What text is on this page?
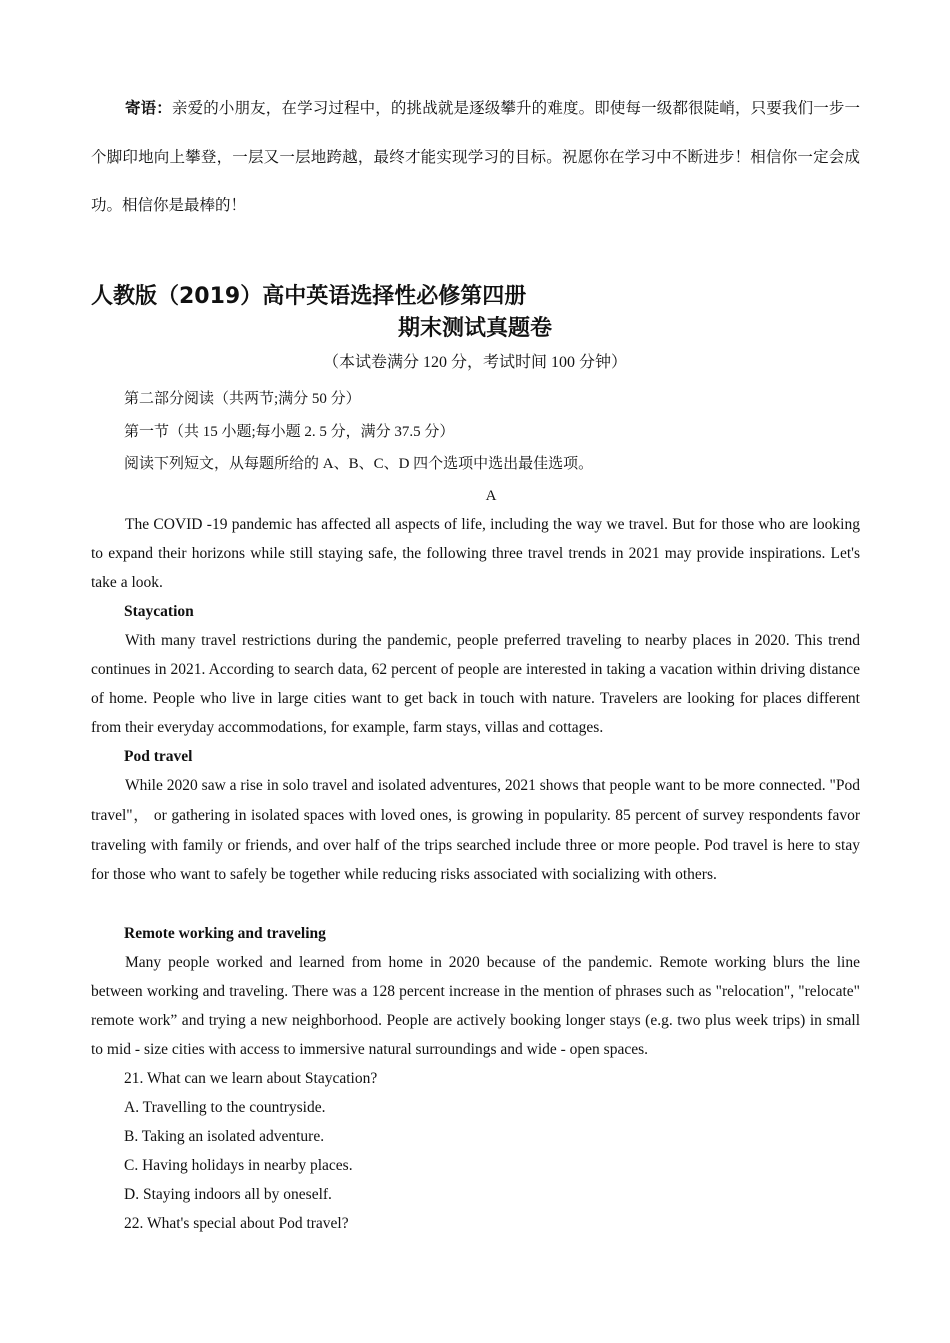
寄语：亲爱的小朋友，在学习过程中，的挑战就是逐级攀升的难度。即使每一级都很陡峭，只要我们一步一个脚印地向上攀登，一层又一层地跨越，最终才能实现学习的目标。祝愿你在学习中不断进步！相信你一定会成功。相信你是最棒的！

人教版（2019）高中英语选择性必修第四册
期末测试真题卷
（本试卷满分 120 分，考试时间 100 分钟）
第二部分阅读（共两节;满分 50 分）
第一节（共 15 小题;每小题 2. 5 分，满分 37.5 分）
阅读下列短文，从每题所给的 A、B、C、D 四个选项中选出最佳选项。
A

The COVID -19 pandemic has affected all aspects of life, including the way we travel. But for those who are looking to expand their horizons while still staying safe, the following three travel trends in 2021 may provide inspirations. Let's take a look.

Staycation

With many travel restrictions during the pandemic, people preferred traveling to nearby places in 2020. This trend continues in 2021. According to search data, 62 percent of people are interested in taking a vacation within driving distance of home. People who live in large cities want to get back in touch with nature. Travelers are looking for places different from their everyday accommodations, for example, farm stays, villas and cottages.

Pod travel

While 2020 saw a rise in solo travel and isolated adventures, 2021 shows that people want to be more connected. "Pod travel"， or gathering in isolated spaces with loved ones, is growing in popularity. 85 percent of survey respondents favor traveling with family or friends, and over half of the trips searched include three or more people. Pod travel is here to stay for those who want to safely be together while reducing risks associated with socializing with others.

Remote working and traveling

Many people worked and learned from home in 2020 because of the pandemic. Remote working blurs the line between working and traveling. There was a 128 percent increase in the mention of phrases such as "relocation", "relocate" remote work” and trying a new neighborhood. People are actively booking longer stays (e.g. two plus week trips) in small to mid - size cities with access to immersive natural surroundings and wide - open spaces.

21. What can we learn about Staycation?
A. Travelling to the countryside.
B. Taking an isolated adventure.
C. Having holidays in nearby places.
D. Staying indoors all by oneself.
22. What's special about Pod travel?
